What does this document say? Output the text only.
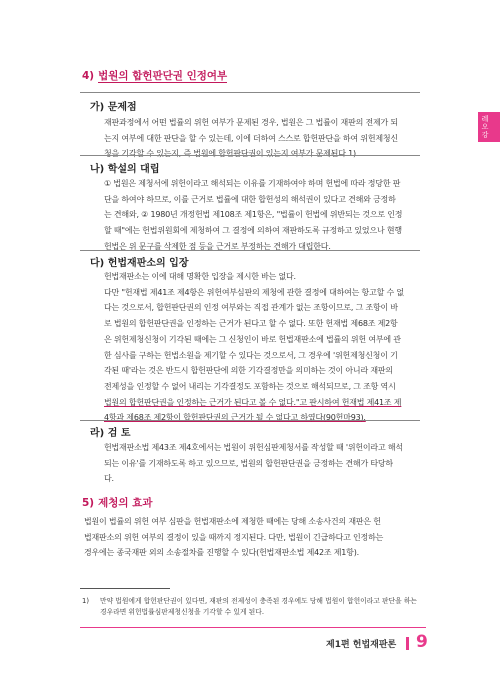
레오강
4) 법원의 합헌판단권 인정여부
가) 문제점
재판과정에서 어떤 법률의 위헌 여부가 문제된 경우, 법원은 그 법률이 재판의 전제가 되
는지 여부에 대한 판단을 할 수 있는데, 이에 더하여 스스로 합헌판단을 하여 위헌제청신
청을 기각할 수 있는지, 즉 법원에 합헌판단권이 있는지 여부가 문제된다.1)
나) 학설의 대립
① 법원은 제청서에 위헌이라고 해석되는 이유를 기재하여야 하며 헌법에 따라 정당한 판
단을 하여야 하므로, 이를 근거로 법률에 대한 합헌성의 해석권이 있다고 견해와 긍정하
는 견해와, ② 1980년 개정헌법 제108조 제1항은, "법률이 헌법에 위반되는 것으로 인정
할 때"에는 헌법위원회에 제청하여 그 결정에 의하여 재판하도록 규정하고 있었으나 현행
헌법은 위 문구를 삭제한 점 등을 근거로 부정하는 견해가 대립한다.
다) 헌법재판소의 입장
헌법재판소는 이에 대해 명확한 입장을 제시한 바는 없다.
다만 "헌재법 제41조 제4항은 위헌여부심판의 제청에 관한 결정에 대하여는 항고할 수 없
다는 것으로서, 합헌판단권의 인정 여부와는 직접 관계가 없는 조항이므로, 그 조항이 바
로 법원의 합헌판단권을 인정하는 근거가 된다고 할 수 없다. 또한 헌재법 제68조 제2항
은 위헌제청신청이 기각된 때에는 그 신청인이 바로 헌법재판소에 법률의 위헌 여부에 관
한 심사를 구하는 헌법소원을 제기할 수 있다는 것으로서, 그 경우에 '위헌제청신청이 기
각된 때'라는 것은 반드시 합헌판단에 의한 기각결정만을 의미하는 것이 아니라 재판의
전제성을 인정할 수 없어 내리는 기각결정도 포함하는 것으로 해석되므로, 그 조항 역시
법원의 합헌판단권을 인정하는 근거가 된다고 볼 수 없다."고 판시하여 헌재법 제41조 제
4항과 제68조 제2항이 합헌판단권의 근거가 될 수 없다고 하였다(90헌마93).
라) 검 토
헌법재판소법 제43조 제4호에서는 법원이 위헌심판제청서를 작성할 때 '위헌이라고 해석
되는 이유'를 기재하도록 하고 있으므로, 법원의 합헌판단권을 긍정하는 견해가 타당하
다.
5) 제청의 효과
법원이 법률의 위헌 여부 심판을 헌법재판소에 제청한 때에는 당해 소송사건의 재판은 헌
법재판소의 위헌 여부의 결정이 있을 때까지 정지된다. 다만, 법원이 긴급하다고 인정하는
경우에는 종국재판 외의 소송절차를 진행할 수 있다(헌법재판소법 제42조 제1항).
1) 만약 법원에게 합헌판단권이 있다면, 재판의 전제성이 충족된 경우에도 당해 법원이 합헌이라고 판단을 하는
경우라면 위헌법률심판제청신청을 기각할 수 있게 된다.
제1편 헌법재판론 9
